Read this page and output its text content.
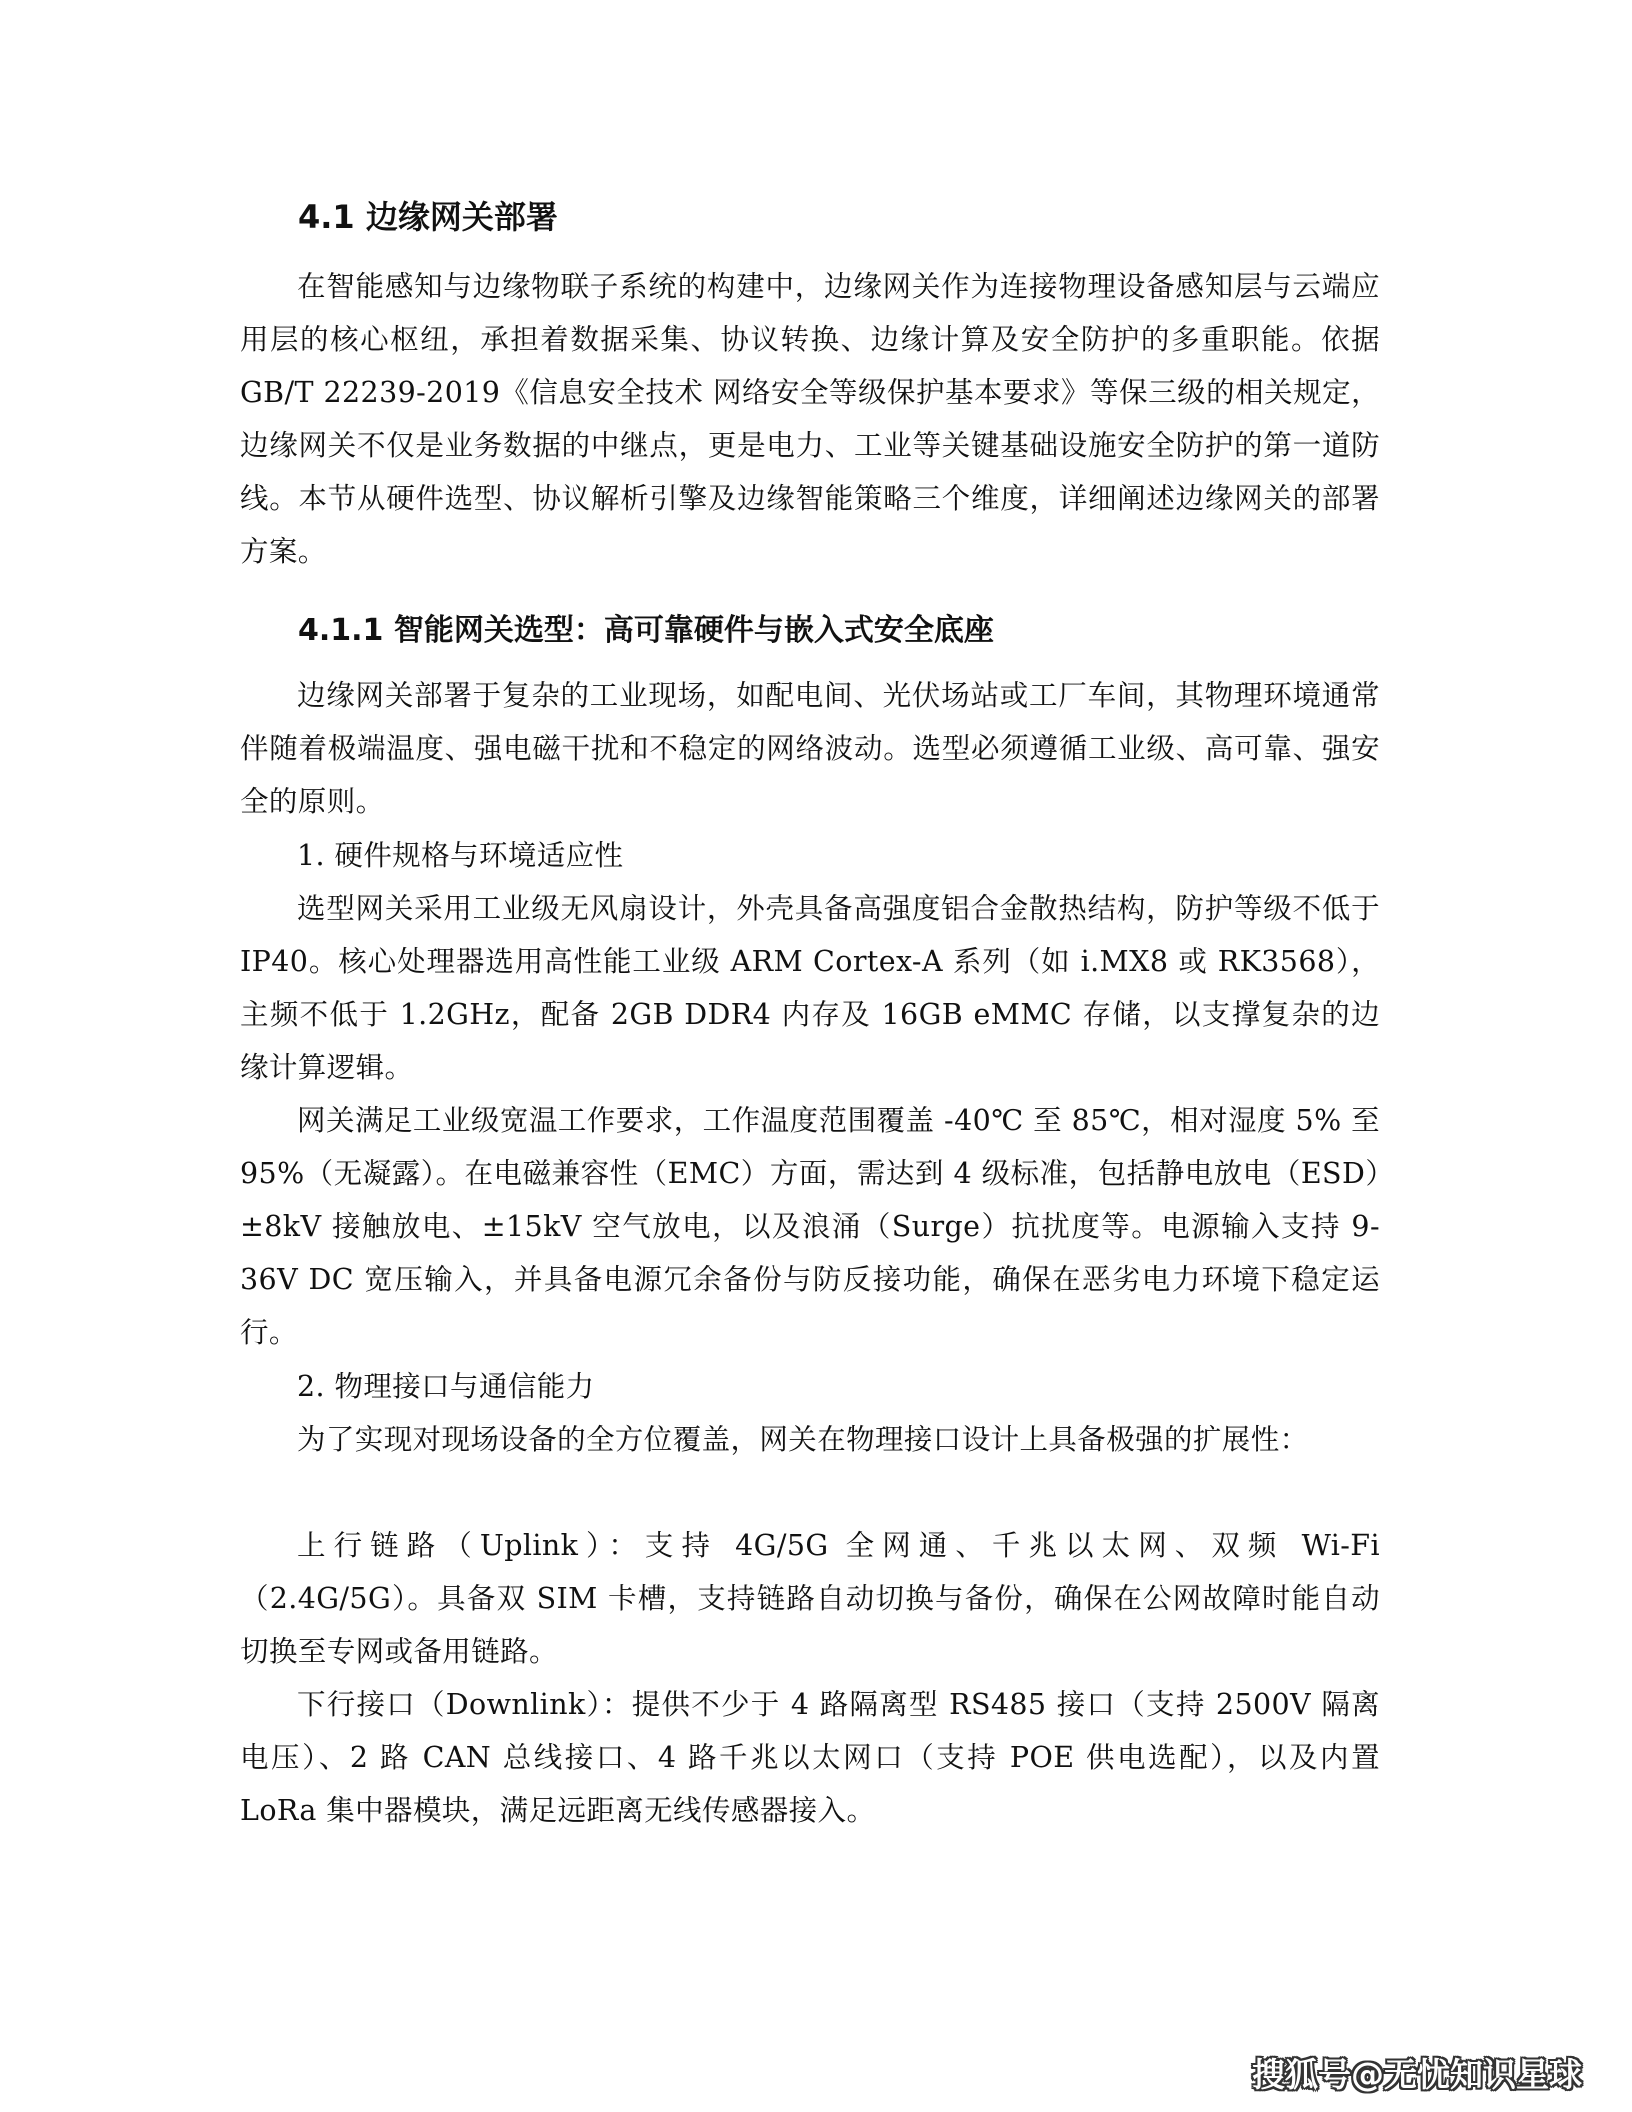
4.1 边缘网关部署

在智能感知与边缘物联子系统的构建中，边缘网关作为连接物理设备感知层与云端应用层的核心枢纽，承担着数据采集、协议转换、边缘计算及安全防护的多重职能。依据 GB/T 22239-2019《信息安全技术 网络安全等级保护基本要求》等保三级的相关规定，边缘网关不仅是业务数据的中继点，更是电力、工业等关键基础设施安全防护的第一道防线。本节从硬件选型、协议解析引擎及边缘智能策略三个维度，详细阐述边缘网关的部署方案。

4.1.1 智能网关选型：高可靠硬件与嵌入式安全底座

边缘网关部署于复杂的工业现场，如配电间、光伏场站或工厂车间，其物理环境通常伴随着极端温度、强电磁干扰和不稳定的网络波动。选型必须遵循工业级、高可靠、强安全的原则。

1. 硬件规格与环境适应性

选型网关采用工业级无风扇设计，外壳具备高强度铝合金散热结构，防护等级不低于 IP40。核心处理器选用高性能工业级 ARM Cortex-A 系列（如 i.MX8 或 RK3568），主频不低于 1.2GHz，配备 2GB DDR4 内存及 16GB eMMC 存储，以支撑复杂的边缘计算逻辑。

网关满足工业级宽温工作要求，工作温度范围覆盖 -40℃ 至 85℃，相对湿度 5% 至 95%（无凝露）。在电磁兼容性（EMC）方面，需达到 4 级标准，包括静电放电（ESD）±8kV 接触放电、±15kV 空气放电，以及浪涌（Surge）抗扰度等。电源输入支持 9-36V DC 宽压输入，并具备电源冗余备份与防反接功能，确保在恶劣电力环境下稳定运行。

2. 物理接口与通信能力

为了实现对现场设备的全方位覆盖，网关在物理接口设计上具备极强的扩展性：

上行链路（Uplink）：支持 4G/5G 全网通、千兆以太网、双频 Wi-Fi（2.4G/5G）。具备双 SIM 卡槽，支持链路自动切换与备份，确保在公网故障时能自动切换至专网或备用链路。

下行接口（Downlink）：提供不少于 4 路隔离型 RS485 接口（支持 2500V 隔离电压）、2 路 CAN 总线接口、4 路千兆以太网口（支持 POE 供电选配），以及内置 LoRa 集中器模块，满足远距离无线传感器接入。

搜狐号@无忧知识星球
